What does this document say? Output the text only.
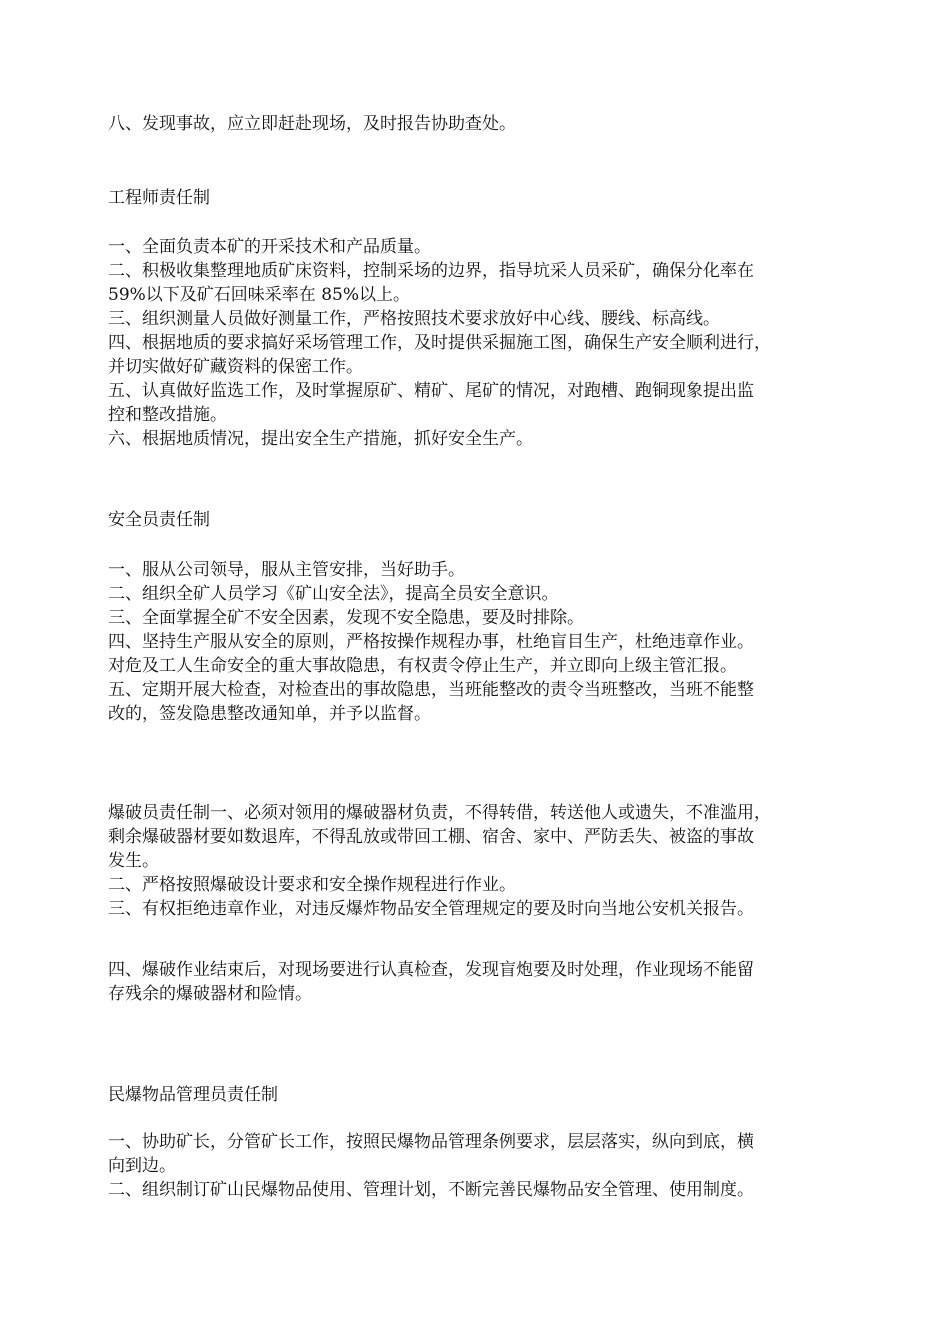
八、发现事故，应立即赶赴现场，及时报告协助查处。

工程师责任制

一、全面负责本矿的开采技术和产品质量。
二、积极收集整理地质矿床资料，控制采场的边界，指导坑采人员采矿，确保分化率在
59%以下及矿石回味采率在 85%以上。
三、组织测量人员做好测量工作，严格按照技术要求放好中心线、腰线、标高线。
四、根据地质的要求搞好采场管理工作，及时提供采掘施工图，确保生产安全顺利进行，
并切实做好矿藏资料的保密工作。
五、认真做好监选工作，及时掌握原矿、精矿、尾矿的情况，对跑槽、跑铜现象提出监
控和整改措施。
六、根据地质情况，提出安全生产措施，抓好安全生产。

安全员责任制

一、服从公司领导，服从主管安排，当好助手。
二、组织全矿人员学习《矿山安全法》，提高全员安全意识。
三、全面掌握全矿不安全因素，发现不安全隐患，要及时排除。
四、坚持生产服从安全的原则，严格按操作规程办事，杜绝盲目生产，杜绝违章作业。
对危及工人生命安全的重大事故隐患，有权责令停止生产，并立即向上级主管汇报。
五、定期开展大检查，对检查出的事故隐患，当班能整改的责令当班整改，当班不能整
改的，签发隐患整改通知单，并予以监督。

爆破员责任制一、必须对领用的爆破器材负责，不得转借，转送他人或遗失，不准滥用，
剩余爆破器材要如数退库，不得乱放或带回工棚、宿舍、家中、严防丢失、被盗的事故
发生。
二、严格按照爆破设计要求和安全操作规程进行作业。
三、有权拒绝违章作业，对违反爆炸物品安全管理规定的要及时向当地公安机关报告。

四、爆破作业结束后，对现场要进行认真检查，发现盲炮要及时处理，作业现场不能留
存残余的爆破器材和险情。

民爆物品管理员责任制

一、协助矿长，分管矿长工作，按照民爆物品管理条例要求，层层落实，纵向到底，横
向到边。
二、组织制订矿山民爆物品使用、管理计划，不断完善民爆物品安全管理、使用制度。
